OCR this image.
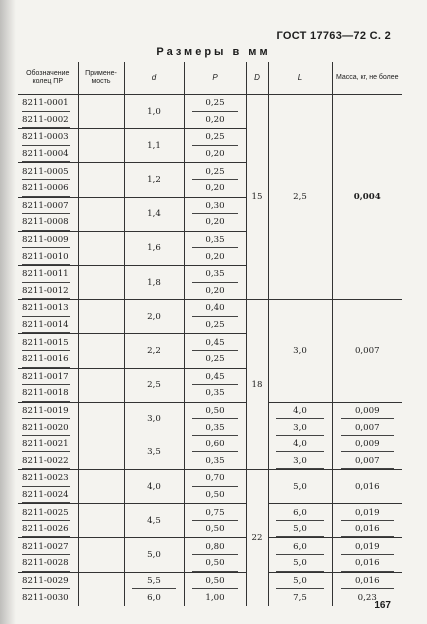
ГОСТ 17763—72 С. 2
Размеры в мм
Обозначение колец ПР	Примене-мость	d	P	D	L	Масса, кг, не более
8211-0001		1,0	0,25	15	2,5	0,004
8211-0002			0,20			
8211-0003		1,1	0,25			
8211-0004			0,20			
8211-0005		1,2	0,25			
8211-0006			0,20			
8211-0007		1,4	0,30			
8211-0008			0,20			
8211-0009		1,6	0,35			
8211-0010			0,20			
8211-0011		1,8	0,35			
8211-0012			0,20			
8211-0013		2,0	0,40	18	3,0	0,007
8211-0014			0,25			
8211-0015		2,2	0,45			
8211-0016			0,25			
8211-0017		2,5	0,45			
8211-0018			0,35			
8211-0019		3,0	0,50		4,0	0,009
8211-0020			0,35		3,0	0,007
8211-0021		3,5	0,60		4,0	0,009
8211-0022			0,35		3,0	0,007
8211-0023		4,0	0,70	22	5,0	0,016
8211-0024			0,50			
8211-0025		4,5	0,75		6,0	0,019
8211-0026			0,50		5,0	0,016
8211-0027		5,0	0,80		6,0	0,019
8211-0028			0,50		5,0	0,016
8211-0029		5,5	0,50		5,0	0,016
8211-0030		6,0	1,00		7,5	0,23
167
